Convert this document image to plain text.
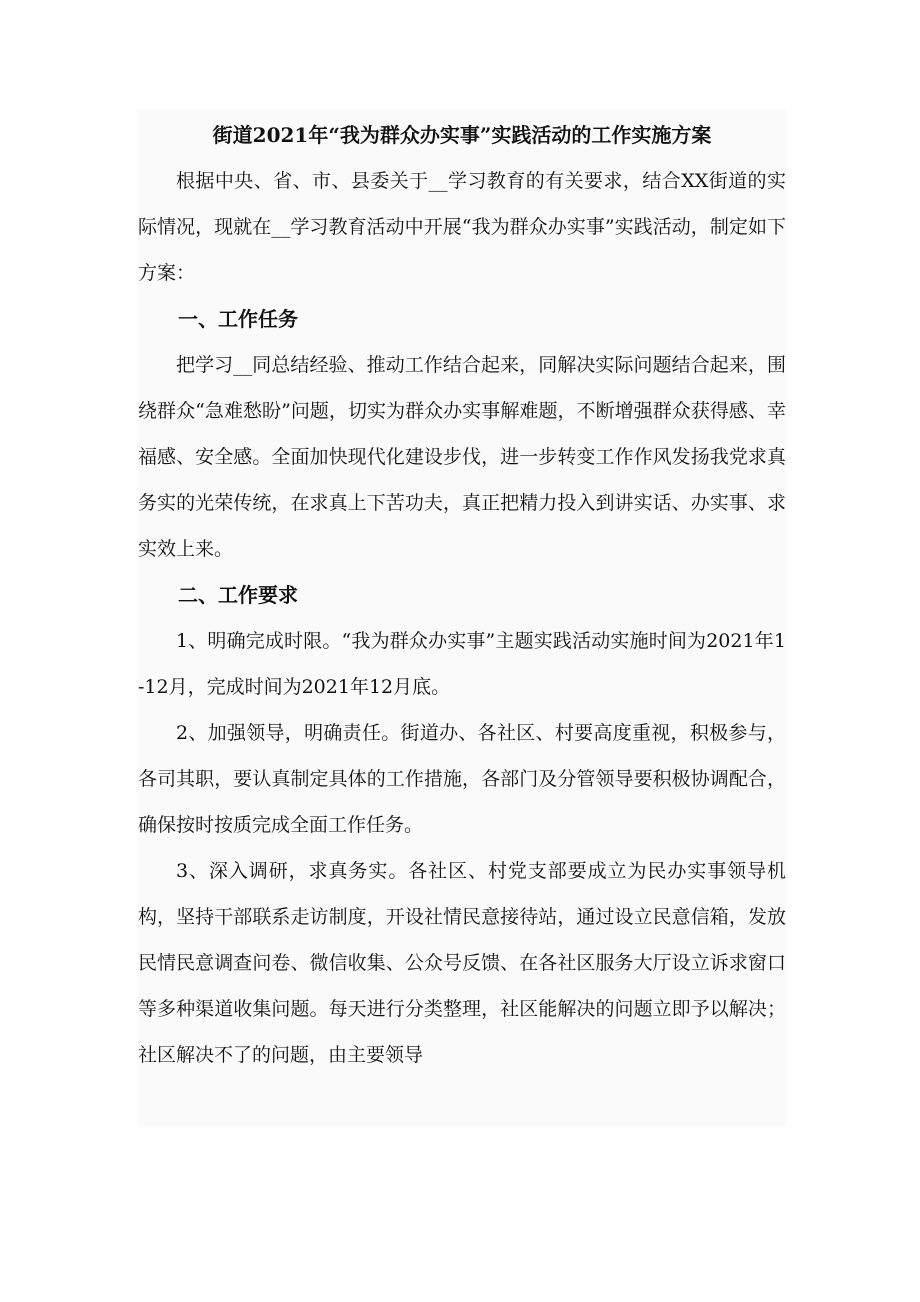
街道2021年“我为群众办实事”实践活动的工作实施方案

根据中央、省、市、县委关于__学习教育的有关要求，结合XX街道的实际情况，现就在__学习教育活动中开展“我为群众办实事”实践活动，制定如下方案：

一、工作任务

把学习__同总结经验、推动工作结合起来，同解决实际问题结合起来，围绕群众“急难愁盼”问题，切实为群众办实事解难题，不断增强群众获得感、幸福感、安全感。全面加快现代化建设步伐，进一步转变工作作风发扬我党求真务实的光荣传统，在求真上下苦功夫，真正把精力投入到讲实话、办实事、求实效上来。

二、工作要求

1、明确完成时限。“我为群众办实事”主题实践活动实施时间为2021年1-12月，完成时间为2021年12月底。

2、加强领导，明确责任。街道办、各社区、村要高度重视，积极参与，各司其职，要认真制定具体的工作措施，各部门及分管领导要积极协调配合，确保按时按质完成全面工作任务。

3、深入调研，求真务实。各社区、村党支部要成立为民办实事领导机构，坚持干部联系走访制度，开设社情民意接待站，通过设立民意信箱，发放民情民意调查问卷、微信收集、公众号反馈、在各社区服务大厅设立诉求窗口等多种渠道收集问题。每天进行分类整理，社区能解决的问题立即予以解决；社区解决不了的问题，由主要领导
